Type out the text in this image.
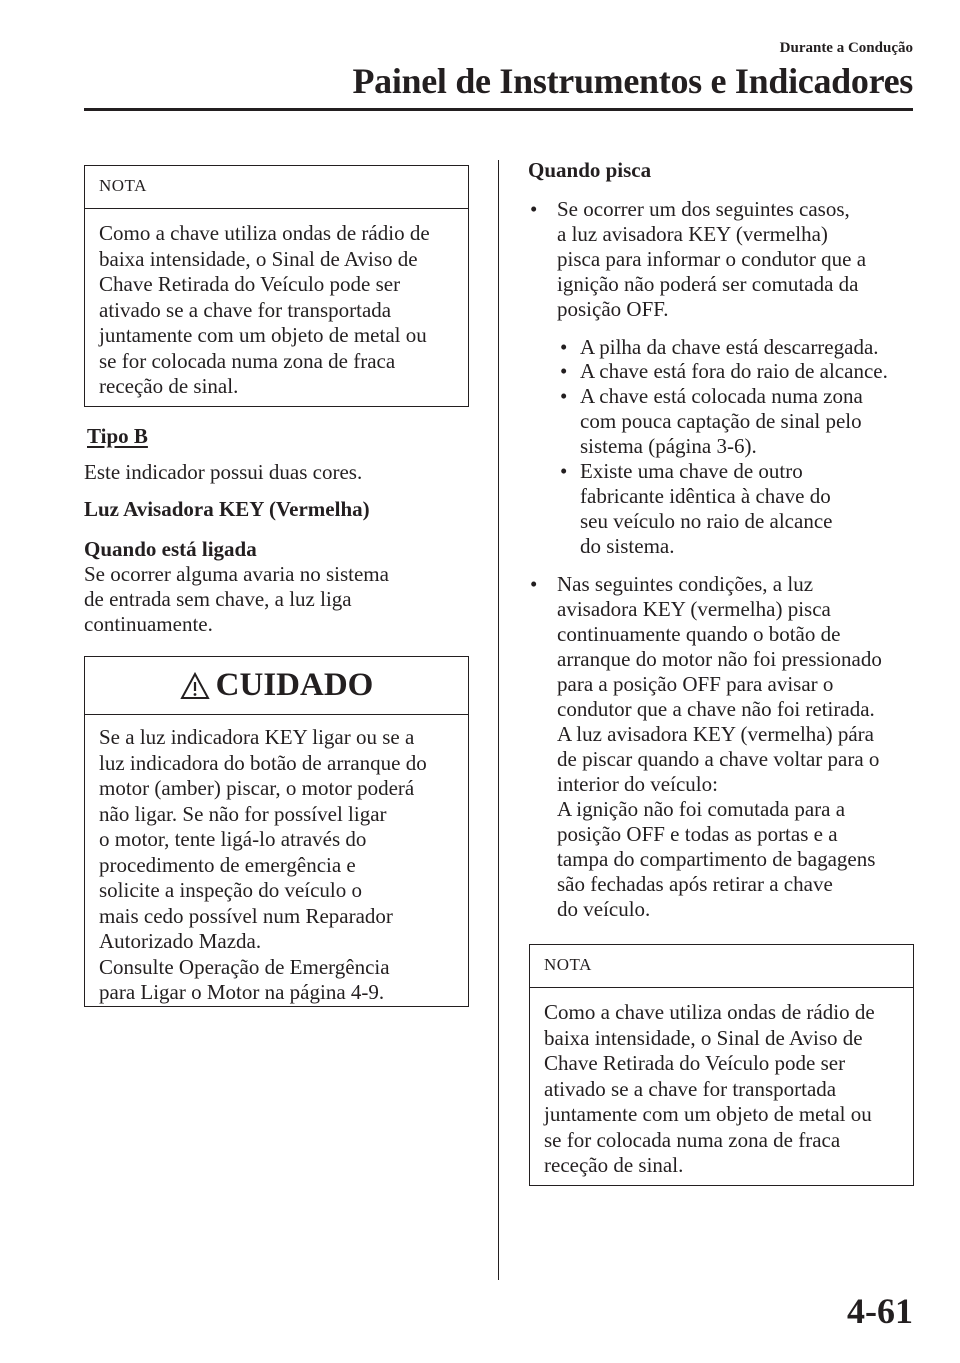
Durante a Condução
Painel de Instrumentos e Indicadores
NOTA
Como a chave utiliza ondas de rádio de
baixa intensidade, o Sinal de Aviso de
Chave Retirada do Veículo pode ser
ativado se a chave for transportada
juntamente com um objeto de metal ou
se for colocada numa zona de fraca
receção de sinal.
Tipo B
Este indicador possui duas cores.
Luz Avisadora KEY (Vermelha)
Quando está ligada
Se ocorrer alguma avaria no sistema
de entrada sem chave, a luz liga
continuamente.
CUIDADO
Se a luz indicadora KEY ligar ou se a
luz indicadora do botão de arranque do
motor (amber) piscar, o motor poderá
não ligar. Se não for possível ligar
o motor, tente ligá-lo através do
procedimento de emergência e
solicite a inspeção do veículo o
mais cedo possível num Reparador
Autorizado Mazda.
Consulte Operação de Emergência
para Ligar o Motor na página 4-9.
Quando pisca
• Se ocorrer um dos seguintes casos,
a luz avisadora KEY (vermelha)
pisca para informar o condutor que a
ignição não poderá ser comutada da
posição OFF.
• A pilha da chave está descarregada.
• A chave está fora do raio de alcance.
• A chave está colocada numa zona
com pouca captação de sinal pelo
sistema (página 3-6).
• Existe uma chave de outro
fabricante idêntica à chave do
seu veículo no raio de alcance
do sistema.
• Nas seguintes condições, a luz
avisadora KEY (vermelha) pisca
continuamente quando o botão de
arranque do motor não foi pressionado
para a posição OFF para avisar o
condutor que a chave não foi retirada.
A luz avisadora KEY (vermelha) pára
de piscar quando a chave voltar para o
interior do veículo:
A ignição não foi comutada para a
posição OFF e todas as portas e a
tampa do compartimento de bagagens
são fechadas após retirar a chave
do veículo.
NOTA
Como a chave utiliza ondas de rádio de
baixa intensidade, o Sinal de Aviso de
Chave Retirada do Veículo pode ser
ativado se a chave for transportada
juntamente com um objeto de metal ou
se for colocada numa zona de fraca
receção de sinal.
4-61
